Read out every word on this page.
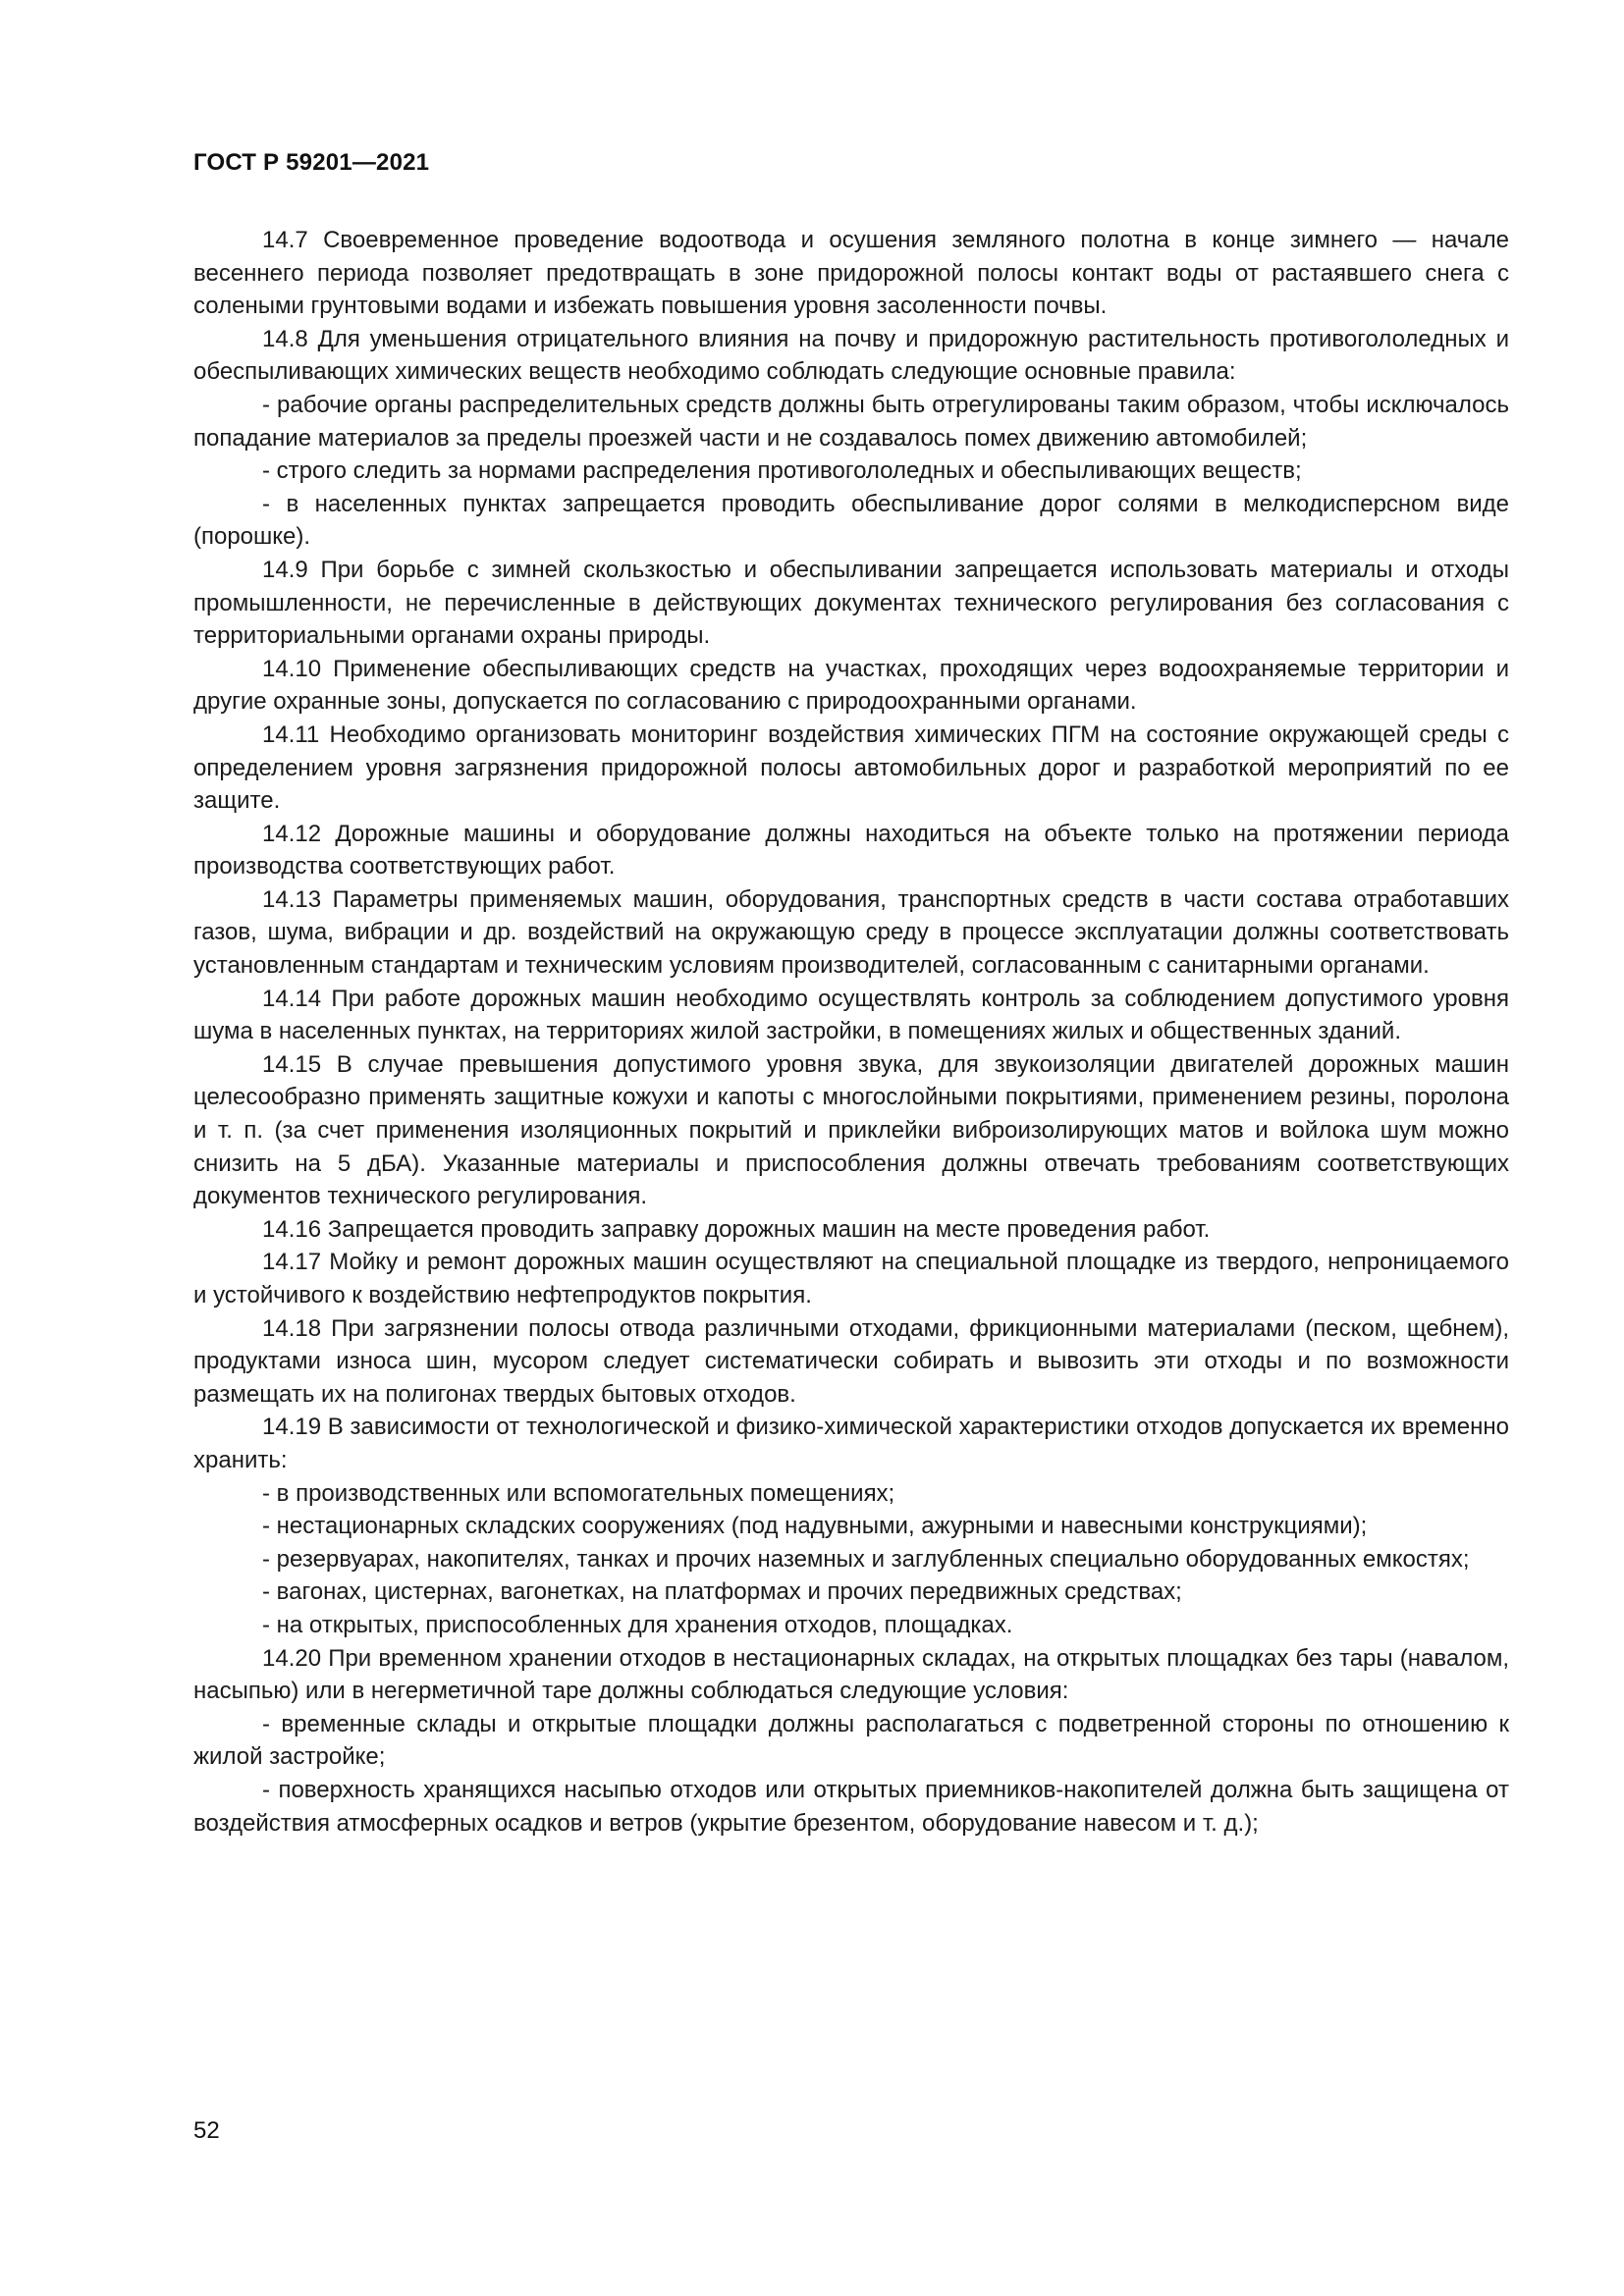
ГОСТ Р 59201—2021

14.7 Своевременное проведение водоотвода и осушения земляного полотна в конце зимнего — начале весеннего периода позволяет предотвращать в зоне придорожной полосы контакт воды от растаявшего снега с солеными грунтовыми водами и избежать повышения уровня засоленности почвы.

14.8 Для уменьшения отрицательного влияния на почву и придорожную растительность противогололедных и обеспыливающих химических веществ необходимо соблюдать следующие основные правила:

- рабочие органы распределительных средств должны быть отрегулированы таким образом, чтобы исключалось попадание материалов за пределы проезжей части и не создавалось помех движению автомобилей;

- строго следить за нормами распределения противогололедных и обеспыливающих веществ;

- в населенных пунктах запрещается проводить обеспыливание дорог солями в мелкодисперсном виде (порошке).

14.9 При борьбе с зимней скользкостью и обеспыливании запрещается использовать материалы и отходы промышленности, не перечисленные в действующих документах технического регулирования без согласования с территориальными органами охраны природы.

14.10 Применение обеспыливающих средств на участках, проходящих через водоохраняемые территории и другие охранные зоны, допускается по согласованию с природоохранными органами.

14.11 Необходимо организовать мониторинг воздействия химических ПГМ на состояние окружающей среды с определением уровня загрязнения придорожной полосы автомобильных дорог и разработкой мероприятий по ее защите.

14.12 Дорожные машины и оборудование должны находиться на объекте только на протяжении периода производства соответствующих работ.

14.13 Параметры применяемых машин, оборудования, транспортных средств в части состава отработавших газов, шума, вибрации и др. воздействий на окружающую среду в процессе эксплуатации должны соответствовать установленным стандартам и техническим условиям производителей, согласованным с санитарными органами.

14.14 При работе дорожных машин необходимо осуществлять контроль за соблюдением допустимого уровня шума в населенных пунктах, на территориях жилой застройки, в помещениях жилых и общественных зданий.

14.15 В случае превышения допустимого уровня звука, для звукоизоляции двигателей дорожных машин целесообразно применять защитные кожухи и капоты с многослойными покрытиями, применением резины, поролона и т. п. (за счет применения изоляционных покрытий и приклейки виброизолирующих матов и войлока шум можно снизить на 5 дБА). Указанные материалы и приспособления должны отвечать требованиям соответствующих документов технического регулирования.

14.16 Запрещается проводить заправку дорожных машин на месте проведения работ.

14.17 Мойку и ремонт дорожных машин осуществляют на специальной площадке из твердого, непроницаемого и устойчивого к воздействию нефтепродуктов покрытия.

14.18 При загрязнении полосы отвода различными отходами, фрикционными материалами (песком, щебнем), продуктами износа шин, мусором следует систематически собирать и вывозить эти отходы и по возможности размещать их на полигонах твердых бытовых отходов.

14.19 В зависимости от технологической и физико-химической характеристики отходов допускается их временно хранить:

- в производственных или вспомогательных помещениях;

- нестационарных складских сооружениях (под надувными, ажурными и навесными конструкциями);

- резервуарах, накопителях, танках и прочих наземных и заглубленных специально оборудованных емкостях;

- вагонах, цистернах, вагонетках, на платформах и прочих передвижных средствах;

- на открытых, приспособленных для хранения отходов, площадках.

14.20 При временном хранении отходов в нестационарных складах, на открытых площадках без тары (навалом, насыпью) или в негерметичной таре должны соблюдаться следующие условия:

- временные склады и открытые площадки должны располагаться с подветренной стороны по отношению к жилой застройке;

- поверхность хранящихся насыпью отходов или открытых приемников-накопителей должна быть защищена от воздействия атмосферных осадков и ветров (укрытие брезентом, оборудование навесом и т. д.);

52
